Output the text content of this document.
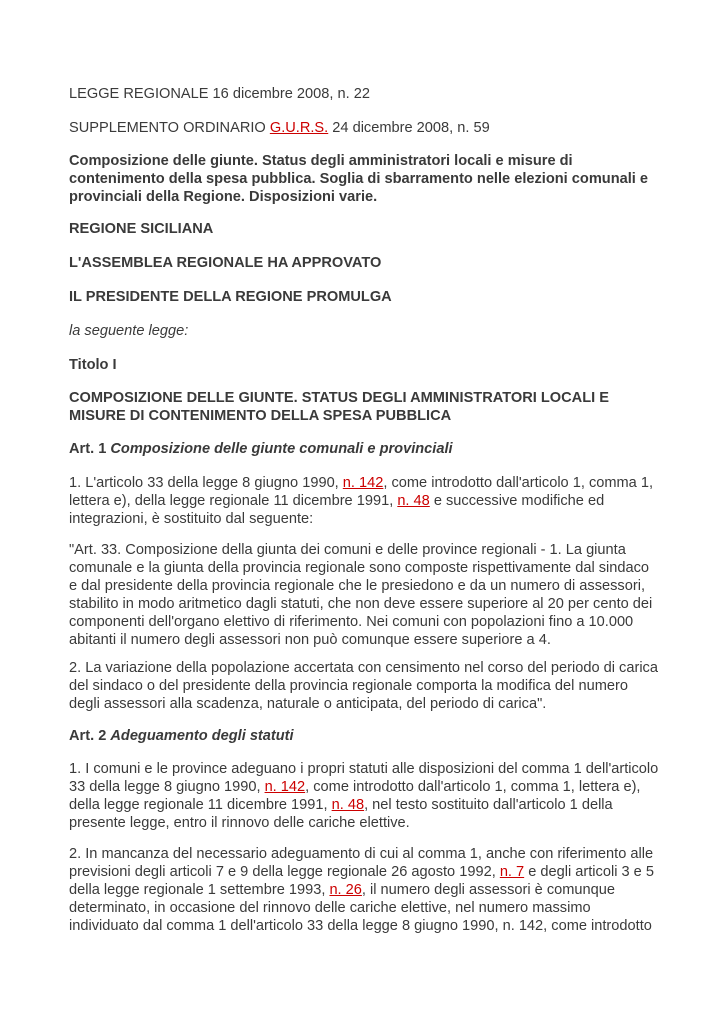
LEGGE REGIONALE 16 dicembre 2008, n. 22

SUPPLEMENTO ORDINARIO G.U.R.S. 24 dicembre 2008, n. 59

Composizione delle giunte. Status degli amministratori locali e misure di contenimento della spesa pubblica. Soglia di sbarramento nelle elezioni comunali e provinciali della Regione. Disposizioni varie.

REGIONE SICILIANA

L'ASSEMBLEA REGIONALE HA APPROVATO

IL PRESIDENTE DELLA REGIONE PROMULGA

la seguente legge:

Titolo I

COMPOSIZIONE DELLE GIUNTE. STATUS DEGLI AMMINISTRATORI LOCALI E MISURE DI CONTENIMENTO DELLA SPESA PUBBLICA

Art. 1 Composizione delle giunte comunali e provinciali

1. L'articolo 33 della legge 8 giugno 1990, n. 142, come introdotto dall'articolo 1, comma 1, lettera e), della legge regionale 11 dicembre 1991, n. 48 e successive modifiche ed integrazioni, è sostituito dal seguente:

"Art. 33. Composizione della giunta dei comuni e delle province regionali - 1. La giunta comunale e la giunta della provincia regionale sono composte rispettivamente dal sindaco e dal presidente della provincia regionale che le presiedono e da un numero di assessori, stabilito in modo aritmetico dagli statuti, che non deve essere superiore al 20 per cento dei componenti dell'organo elettivo di riferimento. Nei comuni con popolazioni fino a 10.000 abitanti il numero degli assessori non può comunque essere superiore a 4.

2. La variazione della popolazione accertata con censimento nel corso del periodo di carica del sindaco o del presidente della provincia regionale comporta la modifica del numero degli assessori alla scadenza, naturale o anticipata, del periodo di carica".

Art. 2 Adeguamento degli statuti

1. I comuni e le province adeguano i propri statuti alle disposizioni del comma 1 dell'articolo 33 della legge 8 giugno 1990, n. 142, come introdotto dall'articolo 1, comma 1, lettera e), della legge regionale 11 dicembre 1991, n. 48, nel testo sostituito dall'articolo 1 della presente legge, entro il rinnovo delle cariche elettive.

2. In mancanza del necessario adeguamento di cui al comma 1, anche con riferimento alle previsioni degli articoli 7 e 9 della legge regionale 26 agosto 1992, n. 7 e degli articoli 3 e 5 della legge regionale 1 settembre 1993, n. 26, il numero degli assessori è comunque determinato, in occasione del rinnovo delle cariche elettive, nel numero massimo individuato dal comma 1 dell'articolo 33 della legge 8 giugno 1990, n. 142, come introdotto
